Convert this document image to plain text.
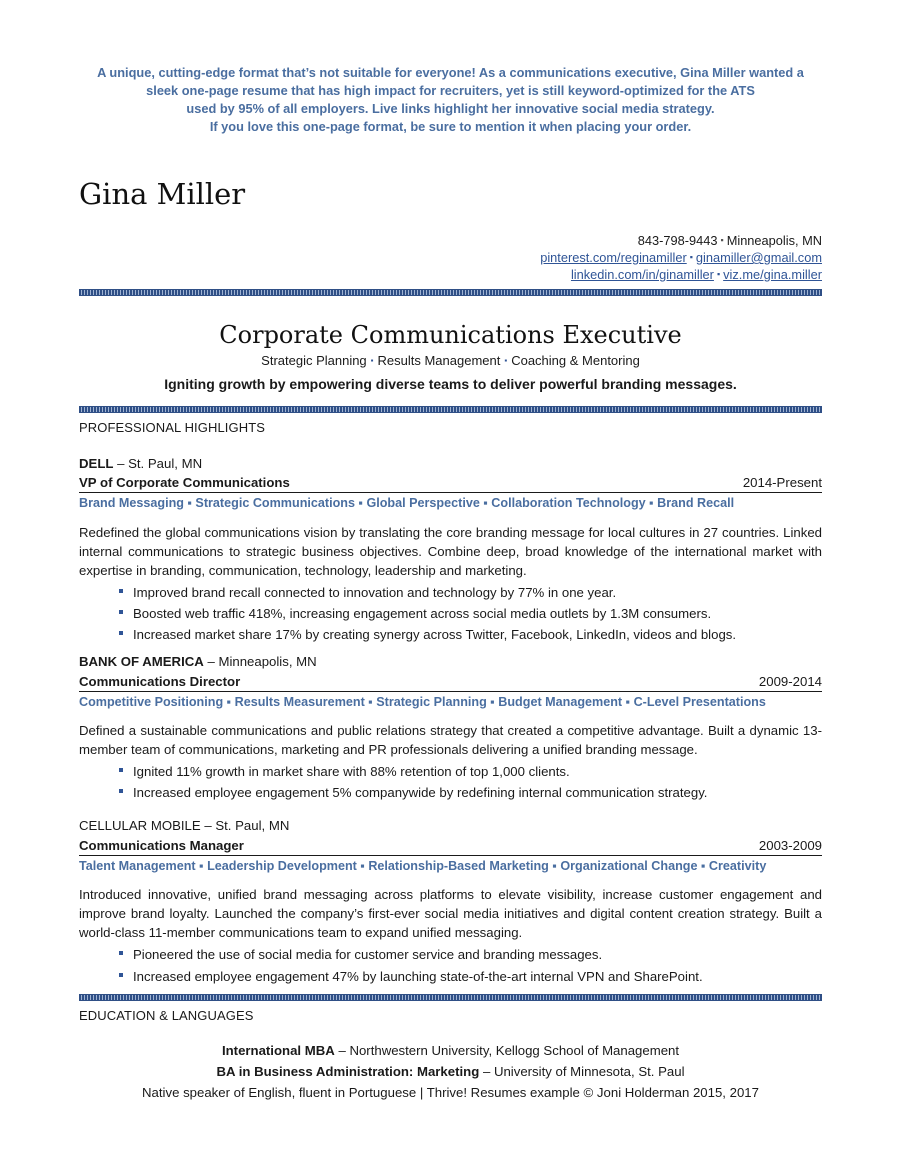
A unique, cutting-edge format that’s not suitable for everyone! As a communications executive, Gina Miller wanted a
sleek one-page resume that has high impact for recruiters, yet is still keyword-optimized for the ATS
used by 95% of all employers. Live links highlight her innovative social media strategy.
If you love this one-page format, be sure to mention it when placing your order.
Gina Miller
843-798-9443 ▪ Minneapolis, MN
pinterest.com/reginamiller ▪ ginamiller@gmail.com
linkedin.com/in/ginamiller ▪ viz.me/gina.miller
Corporate Communications Executive
Strategic Planning ▪ Results Management ▪ Coaching & Mentoring
Igniting growth by empowering diverse teams to deliver powerful branding messages.
PROFESSIONAL HIGHLIGHTS
DELL – St. Paul, MN
VP of Corporate Communications	2014-Present
Brand Messaging ▪ Strategic Communications ▪ Global Perspective ▪ Collaboration Technology ▪ Brand Recall
Redefined the global communications vision by translating the core branding message for local cultures in 27 countries. Linked internal communications to strategic business objectives. Combine deep, broad knowledge of the international market with expertise in branding, communication, technology, leadership and marketing.
Improved brand recall connected to innovation and technology by 77% in one year.
Boosted web traffic 418%, increasing engagement across social media outlets by 1.3M consumers.
Increased market share 17% by creating synergy across Twitter, Facebook, LinkedIn, videos and blogs.
BANK OF AMERICA – Minneapolis, MN
Communications Director	2009-2014
Competitive Positioning ▪ Results Measurement ▪ Strategic Planning ▪ Budget Management ▪ C-Level Presentations
Defined a sustainable communications and public relations strategy that created a competitive advantage. Built a dynamic 13-member team of communications, marketing and PR professionals delivering a unified branding message.
Ignited 11% growth in market share with 88% retention of top 1,000 clients.
Increased employee engagement 5% companywide by redefining internal communication strategy.
CELLULAR MOBILE – St. Paul, MN
Communications Manager	2003-2009
Talent Management ▪ Leadership Development ▪ Relationship-Based Marketing ▪ Organizational Change ▪ Creativity
Introduced innovative, unified brand messaging across platforms to elevate visibility, increase customer engagement and improve brand loyalty. Launched the company’s first-ever social media initiatives and digital content creation strategy. Built a world-class 11-member communications team to expand unified messaging.
Pioneered the use of social media for customer service and branding messages.
Increased employee engagement 47% by launching state-of-the-art internal VPN and SharePoint.
EDUCATION & LANGUAGES
International MBA – Northwestern University, Kellogg School of Management
BA in Business Administration: Marketing – University of Minnesota, St. Paul
Native speaker of English, fluent in Portuguese | Thrive! Resumes example © Joni Holderman 2015, 2017
